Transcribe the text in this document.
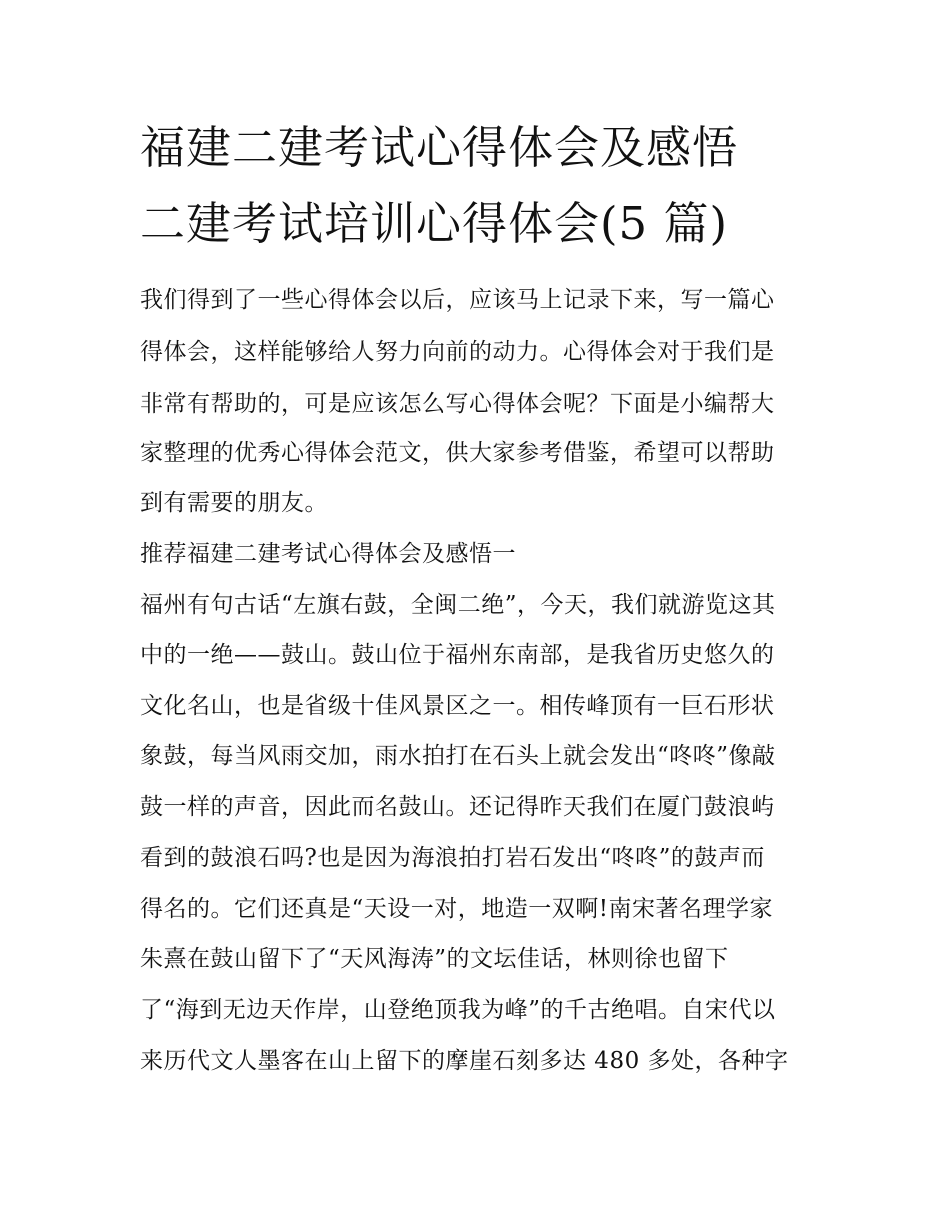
福建二建考试心得体会及感悟
二建考试培训心得体会(5 篇)
我们得到了一些心得体会以后，应该马上记录下来，写一篇心
得体会，这样能够给人努力向前的动力。心得体会对于我们是
非常有帮助的，可是应该怎么写心得体会呢？下面是小编帮大
家整理的优秀心得体会范文，供大家参考借鉴，希望可以帮助
到有需要的朋友。
推荐福建二建考试心得体会及感悟一
福州有句古话“左旗右鼓，全闽二绝”，今天，我们就游览这其
中的一绝——鼓山。鼓山位于福州东南部，是我省历史悠久的
文化名山，也是省级十佳风景区之一。相传峰顶有一巨石形状
象鼓，每当风雨交加，雨水拍打在石头上就会发出“咚咚”像敲
鼓一样的声音，因此而名鼓山。还记得昨天我们在厦门鼓浪屿
看到的鼓浪石吗?也是因为海浪拍打岩石发出“咚咚”的鼓声而
得名的。它们还真是“天设一对，地造一双啊!南宋著名理学家
朱熹在鼓山留下了“天风海涛”的文坛佳话，林则徐也留下
了“海到无边天作岸，山登绝顶我为峰”的千古绝唱。自宋代以
来历代文人墨客在山上留下的摩崖石刻多达 480 多处，各种字
